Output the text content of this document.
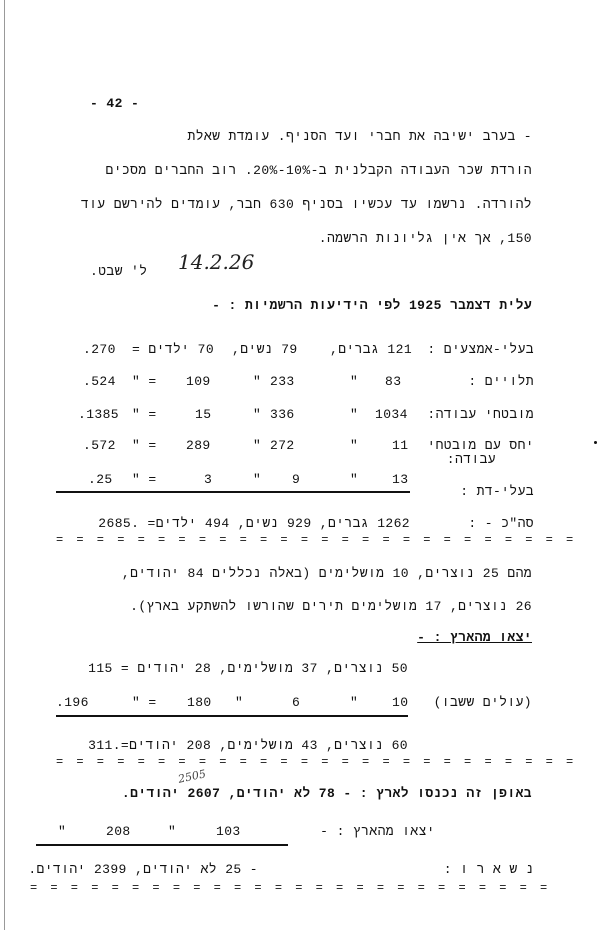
- 42 -
- בערב ישיבה את חברי ועד הסניף. עומדת שאלת
הורדת שכר העבודה הקבלנית ב-10%-20%. רוב החברים מסכים
להורדה. נרשמו עד עכשיו בסניף 630 חבר, עומדים להירשם עוד
150, אך אין גליונות הרשמה.
ל' שבט. 14.2.26
עלית דצמבר 1925 לפי הידיעות הרשמיות : -
בעלי-אמצעים :
121 גברים,
79 נשים,
70 ילדים =
.270
תלויים :
83
"
233
"
109
" =
.524
מובטחי עבודה:
1034
"
336
"
15
" =
.1385
יחס עם מובטחי
עבודה:
11
"
272
"
289
" =
.572
בעלי-דת :
13
"
9
"
3
" =
.25
סה"כ - :
1262 גברים, 929 נשים, 494 ילדים= .2685
= = = = = = = = = = = = = = = = = = = = = = = = = =
מהם 25 נוצרים, 10 מושלימים (באלה נכללים 84 יהודים,
26 נוצרים, 17 מושלימים תירים שהורשו להשתקע בארץ).
יצאו מהארץ : -
50 נוצרים, 37 מושלימים, 28 יהודים = 115
(עולים ששבו)
10
"
6
"
180
" =
.196
60 נוצרים, 43 מושלימים, 208 יהודים=.311
= = = = = = = = = = = = = = = = = = = = = = = = = =
באופן זה נכנסו לארץ : - 78 לא יהודים, 2607 יהודים.
2505
יצאו מהארץ : -
103
"
208
"
נ ש א ר ו :
- 25 לא יהודים, 2399 יהודים.
= = = = = = = = = = = = = = = = = = = = = = = = = =
